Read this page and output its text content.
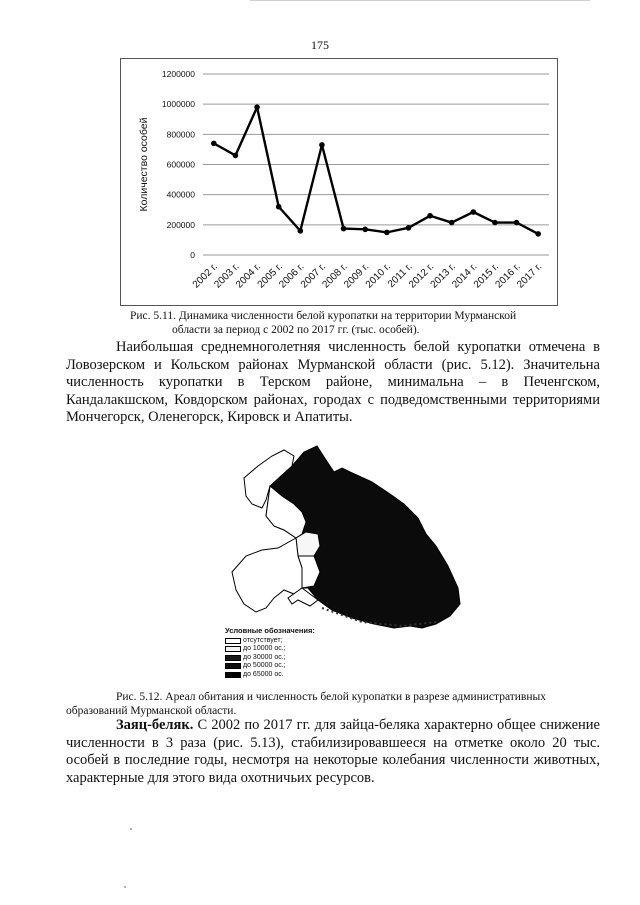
175
0
200000
400000
600000
800000
1000000
1200000
Количество особей
2002 г.
2003 г.
2004 г.
2005 г.
2006 г.
2007 г.
2008 г.
2009 г.
2010 г.
2011 г.
2012 г.
2013 г.
2014 г.
2015 г.
2016 г.
2017 г.
Рис. 5.11. Динамика численности белой куропатки на территории Мурманской
области за период с 2002 по 2017 гг. (тыс. особей).
Наибольшая среднемноголетняя численность белой куропатки отмечена в Ловозерском и Кольском районах Мурманской области (рис. 5.12). Значительна численность куропатки в Терском районе, минимальна – в Печенгском, Кандалакшском, Ковдорском районах, городах с подведомственными территориями Мончегорск, Оленегорск, Кировск и Апатиты.
Условные обозначения:
отсутствует;
до 10000 ос.;
до 30000 ос.;
до 50000 ос.;
до 65000 ос.
Рис. 5.12. Ареал обитания и численность белой куропатки в разрезе административных образований Мурманской области.
Заяц-беляк. С 2002 по 2017 гг. для зайца-беляка характерно общее снижение численности в 3 раза (рис. 5.13), стабилизировавшееся на отметке около 20 тыс. особей в последние годы, несмотря на некоторые колебания численности животных, характерные для этого вида охотничьих ресурсов.
